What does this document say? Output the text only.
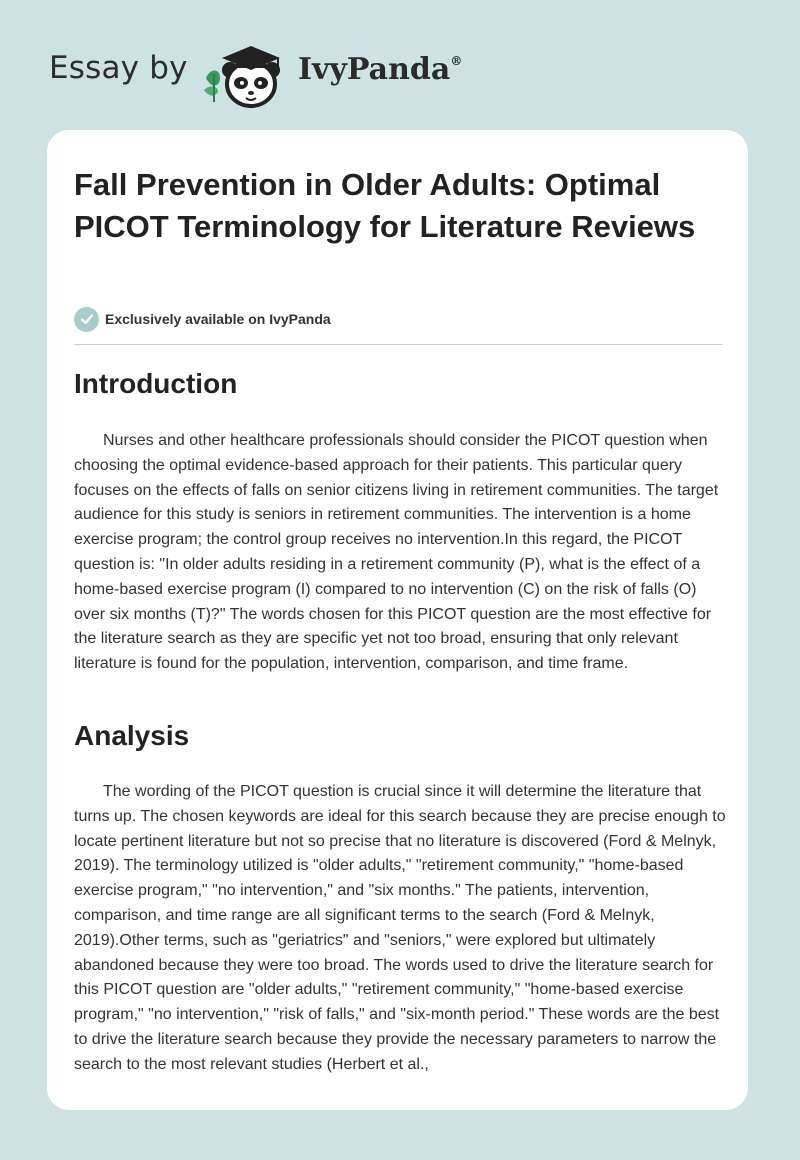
Essay by	IvyPanda®
Fall Prevention in Older Adults: Optimal PICOT Terminology for Literature Reviews
Exclusively available on IvyPanda
Introduction

Nurses and other healthcare professionals should consider the PICOT question when choosing the optimal evidence-based approach for their patients. This particular query focuses on the effects of falls on senior citizens living in retirement communities. The target audience for this study is seniors in retirement communities. The intervention is a home exercise program; the control group receives no intervention.In this regard, the PICOT question is: "In older adults residing in a retirement community (P), what is the effect of a home-based exercise program (I) compared to no intervention (C) on the risk of falls (O) over six months (T)?" The words chosen for this PICOT question are the most effective for the literature search as they are specific yet not too broad, ensuring that only relevant literature is found for the population, intervention, comparison, and time frame.

Analysis

The wording of the PICOT question is crucial since it will determine the literature that turns up. The chosen keywords are ideal for this search because they are precise enough to locate pertinent literature but not so precise that no literature is discovered (Ford & Melnyk, 2019). The terminology utilized is "older adults," "retirement community," "home-based exercise program," "no intervention," and "six months." The patients, intervention, comparison, and time range are all significant terms to the search (Ford & Melnyk, 2019).Other terms, such as "geriatrics" and "seniors," were explored but ultimately abandoned because they were too broad. The words used to drive the literature search for this PICOT question are "older adults," "retirement community," "home-based exercise program," "no intervention," "risk of falls," and "six-month period." These words are the best to drive the literature search because they provide the necessary parameters to narrow the search to the most relevant studies (Herbert et al.,
